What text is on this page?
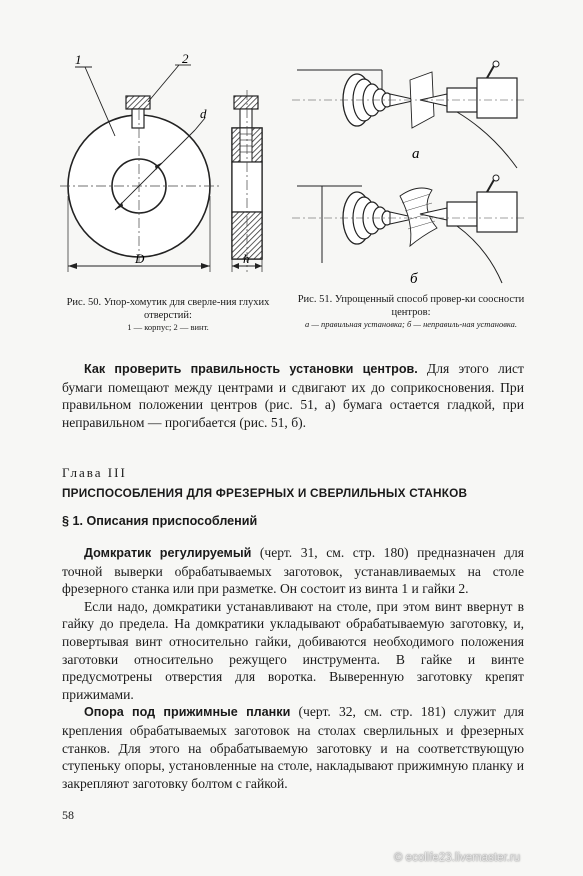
d
1	2
D	h
Рис. 50. Упор-хомутик для сверле-ния глухих отверстий:
1 — корпус; 2 — винт.
а
б
Рис. 51. Упрощенный способ провер-ки соосности центров:
а — правильная установка; б — неправиль-ная установка.

Как проверить правильность установки центров. Для этого лист бумаги помещают между центрами и сдвигают их до соприкосновения. При правильном положении центров (рис. 51, а) бумага остается гладкой, при неправильном — прогибается (рис. 51, б).

Глава III
ПРИСПОСОБЛЕНИЯ ДЛЯ ФРЕЗЕРНЫХ И СВЕРЛИЛЬНЫХ СТАНКОВ
§ 1. Описания приспособлений

Домкратик регулируемый (черт. 31, см. стр. 180) предназначен для точной выверки обрабатываемых заготовок, устанавливаемых на столе фрезерного станка или при разметке. Он состоит из винта 1 и гайки 2.

Если надо, домкратики устанавливают на столе, при этом винт ввернут в гайку до предела. На домкратики укладывают обрабатываемую заготовку, и, повертывая винт относительно гайки, добиваются необходимого положения заготовки относительно режущего инструмента. В гайке и винте предусмотрены отверстия для воротка. Выверенную заготовку крепят прижимами.

Опора под прижимные планки (черт. 32, см. стр. 181) служит для крепления обрабатываемых заготовок на столах сверлильных и фрезерных станков. Для этого на обрабатываемую заготовку и на соответствующую ступеньку опоры, установленные на столе, накладывают прижимную планку и закрепляют заготовку болтом с гайкой.

58
© ecolife23.livemaster.ru
